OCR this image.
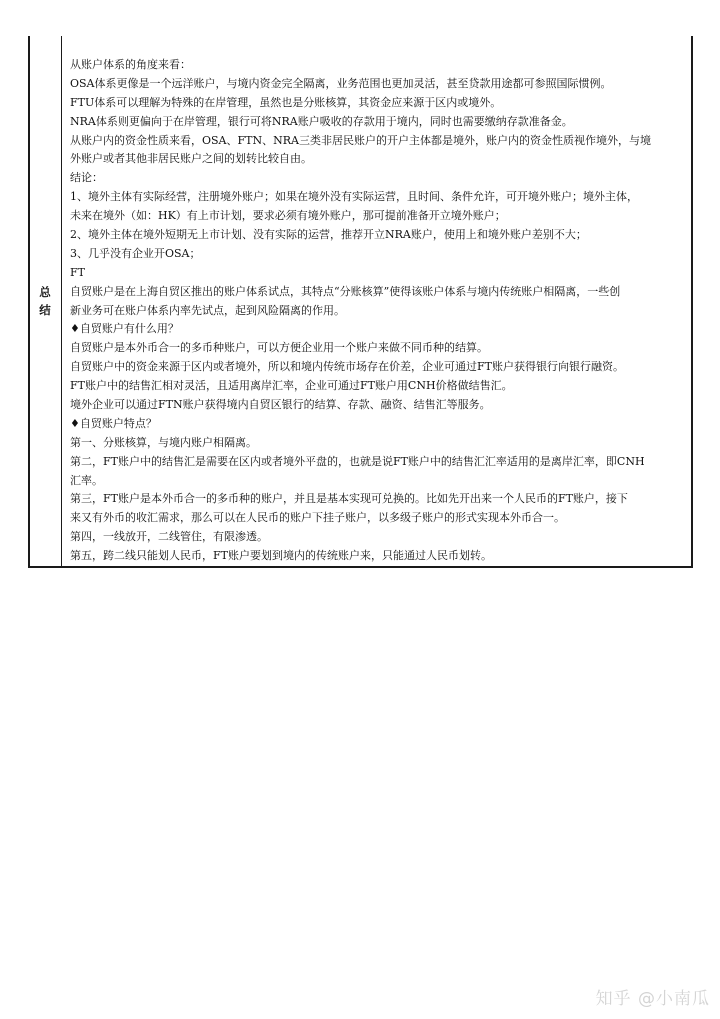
总
结

从账户体系的角度来看：

OSA体系更像是一个远洋账户，与境内资金完全隔离，业务范围也更加灵活，甚至贷款用途都可参照国际惯例。

FTU体系可以理解为特殊的在岸管理，虽然也是分账核算，其资金应来源于区内或境外。

NRA体系则更偏向于在岸管理，银行可将NRA账户吸收的存款用于境内，同时也需要缴纳存款准备金。

从账户内的资金性质来看，OSA、FTN、NRA三类非居民账户的开户主体都是境外，账户内的资金性质视作境外，与境

外账户或者其他非居民账户之间的划转比较自由。

结论：

1、境外主体有实际经营，注册境外账户；如果在境外没有实际运营，且时间、条件允许，可开境外账户；境外主体，

未来在境外（如：HK）有上市计划，要求必须有境外账户，那可提前准备开立境外账户；

2、境外主体在境外短期无上市计划、没有实际的运营，推荐开立NRA账户，使用上和境外账户差别不大；

3、几乎没有企业开OSA；

FT

自贸账户是在上海自贸区推出的账户体系试点，其特点“分账核算”使得该账户体系与境内传统账户相隔离，一些创

新业务可在账户体系内率先试点，起到风险隔离的作用。

♦自贸账户有什么用？

自贸账户是本外币合一的多币种账户，可以方便企业用一个账户来做不同币种的结算。

自贸账户中的资金来源于区内或者境外，所以和境内传统市场存在价差，企业可通过FT账户获得银行向银行融资。

FT账户中的结售汇相对灵活，且适用离岸汇率，企业可通过FT账户用CNH价格做结售汇。

境外企业可以通过FTN账户获得境内自贸区银行的结算、存款、融资、结售汇等服务。

♦自贸账户特点？

第一、分账核算，与境内账户相隔离。

第二，FT账户中的结售汇是需要在区内或者境外平盘的，也就是说FT账户中的结售汇汇率适用的是离岸汇率，即CNH

汇率。

第三，FT账户是本外币合一的多币种的账户，并且是基本实现可兑换的。比如先开出来一个人民币的FT账户，接下

来又有外币的收汇需求，那么可以在人民币的账户下挂子账户，以多级子账户的形式实现本外币合一。

第四，一线放开，二线管住，有限渗透。

第五，跨二线只能划人民币，FT账户要划到境内的传统账户来，只能通过人民币划转。

知乎 @小南瓜
